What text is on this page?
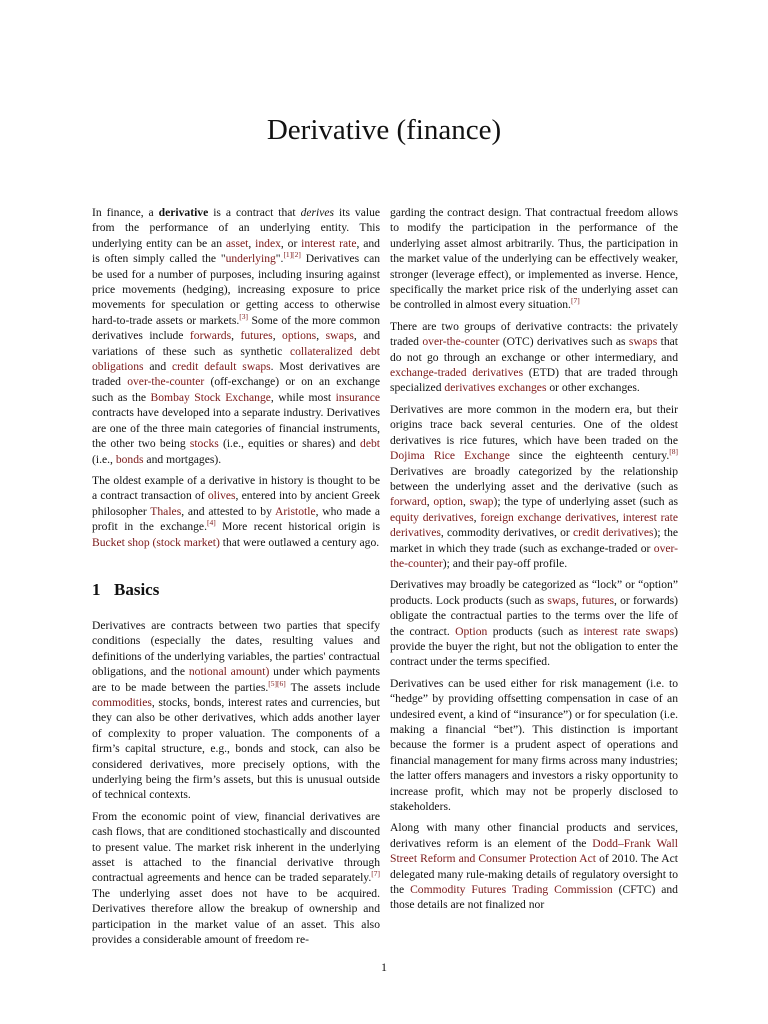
Derivative (finance)

In finance, a derivative is a contract that derives its value from the performance of an underlying entity. This underlying entity can be an asset, index, or interest rate, and is often simply called the "underlying".[1][2] Derivatives can be used for a number of purposes, including insuring against price movements (hedging), increasing exposure to price movements for speculation or getting access to otherwise hard-to-trade assets or markets.[3] Some of the more common derivatives include forwards, futures, options, swaps, and variations of these such as synthetic collateralized debt obligations and credit default swaps. Most derivatives are traded over-the-counter (off-exchange) or on an exchange such as the Bombay Stock Exchange, while most insurance contracts have developed into a separate industry. Derivatives are one of the three main categories of financial instruments, the other two being stocks (i.e., equities or shares) and debt (i.e., bonds and mortgages).

The oldest example of a derivative in history is thought to be a contract transaction of olives, entered into by ancient Greek philosopher Thales, and attested to by Aristotle, who made a profit in the exchange.[4] More recent historical origin is Bucket shop (stock market) that were outlawed a century ago.

1 Basics

Derivatives are contracts between two parties that specify conditions (especially the dates, resulting values and definitions of the underlying variables, the parties' contractual obligations, and the notional amount) under which payments are to be made between the parties.[5][6] The assets include commodities, stocks, bonds, interest rates and currencies, but they can also be other derivatives, which adds another layer of complexity to proper valuation. The components of a firm’s capital structure, e.g., bonds and stock, can also be considered derivatives, more precisely options, with the underlying being the firm’s assets, but this is unusual outside of technical contexts.

From the economic point of view, financial derivatives are cash flows, that are conditioned stochastically and discounted to present value. The market risk inherent in the underlying asset is attached to the financial derivative through contractual agreements and hence can be traded separately.[7] The underlying asset does not have to be acquired. Derivatives therefore allow the breakup of ownership and participation in the market value of an asset. This also provides a considerable amount of freedom re-

garding the contract design. That contractual freedom allows to modify the participation in the performance of the underlying asset almost arbitrarily. Thus, the participation in the market value of the underlying can be effectively weaker, stronger (leverage effect), or implemented as inverse. Hence, specifically the market price risk of the underlying asset can be controlled in almost every situation.[7]

There are two groups of derivative contracts: the privately traded over-the-counter (OTC) derivatives such as swaps that do not go through an exchange or other intermediary, and exchange-traded derivatives (ETD) that are traded through specialized derivatives exchanges or other exchanges.

Derivatives are more common in the modern era, but their origins trace back several centuries. One of the oldest derivatives is rice futures, which have been traded on the Dojima Rice Exchange since the eighteenth century.[8] Derivatives are broadly categorized by the relationship between the underlying asset and the derivative (such as forward, option, swap); the type of underlying asset (such as equity derivatives, foreign exchange derivatives, interest rate derivatives, commodity derivatives, or credit derivatives); the market in which they trade (such as exchange-traded or over-the-counter); and their pay-off profile.

Derivatives may broadly be categorized as “lock” or “option” products. Lock products (such as swaps, futures, or forwards) obligate the contractual parties to the terms over the life of the contract. Option products (such as interest rate swaps) provide the buyer the right, but not the obligation to enter the contract under the terms specified.

Derivatives can be used either for risk management (i.e. to “hedge” by providing offsetting compensation in case of an undesired event, a kind of “insurance”) or for speculation (i.e. making a financial “bet”). This distinction is important because the former is a prudent aspect of operations and financial management for many firms across many industries; the latter offers managers and investors a risky opportunity to increase profit, which may not be properly disclosed to stakeholders.

Along with many other financial products and services, derivatives reform is an element of the Dodd–Frank Wall Street Reform and Consumer Protection Act of 2010. The Act delegated many rule-making details of regulatory oversight to the Commodity Futures Trading Commission (CFTC) and those details are not finalized nor

1
